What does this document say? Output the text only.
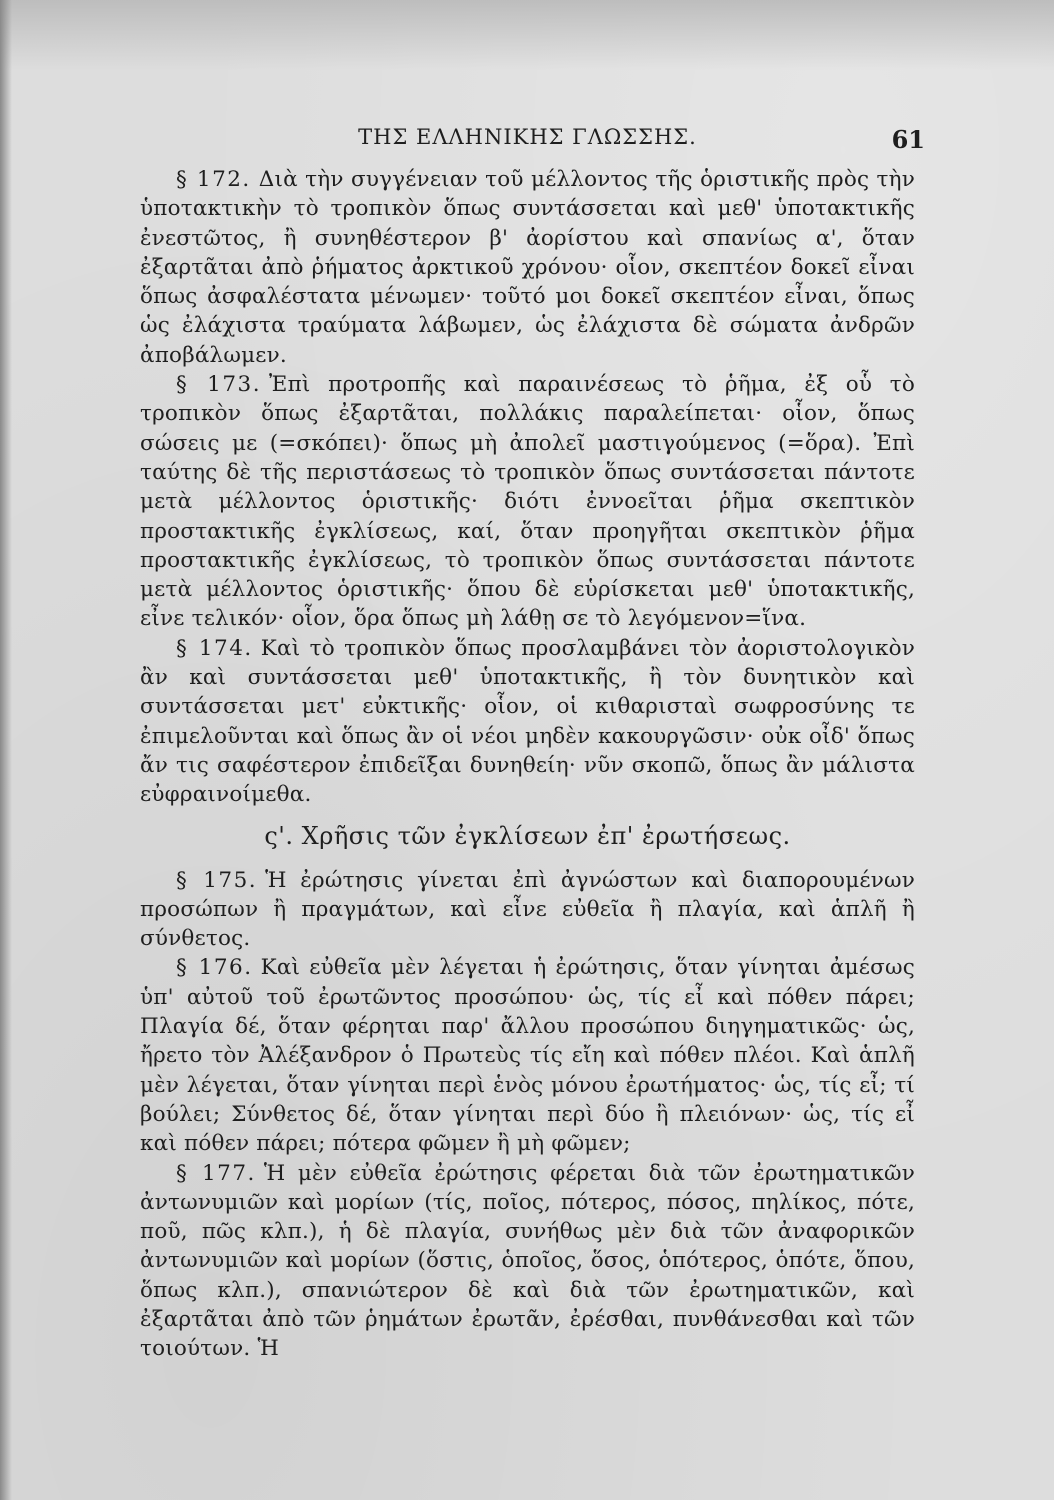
ΤΗΣ ΕΛΛΗΝΙΚΗΣ ΓΛΩΣΣΗΣ.	61

§ 172. Διὰ τὴν συγγένειαν τοῦ μέλλοντος τῆς ὁριστικῆς πρὸς τὴν ὑποτακτικὴν τὸ τροπικὸν ὅπως συντάσσεται καὶ μεθ' ὑποτακτικῆς ἐνεστῶτος, ἢ συνηθέστερον β' ἀορίστου καὶ σπανίως α', ὅταν ἐξαρτᾶται ἀπὸ ῥήματος ἀρκτικοῦ χρόνου· οἷον, σκεπτέον δοκεῖ εἶναι ὅπως ἀσφαλέστατα μένωμεν· τοῦτό μοι δοκεῖ σκεπτέον εἶναι, ὅπως ὡς ἐλάχιστα τραύματα λάβωμεν, ὡς ἐλάχιστα δὲ σώματα ἀνδρῶν ἀποβάλωμεν.

§ 173. Ἐπὶ προτροπῆς καὶ παραινέσεως τὸ ῥῆμα, ἐξ οὗ τὸ τροπικὸν ὅπως ἐξαρτᾶται, πολλάκις παραλείπεται· οἷον, ὅπως σώσεις με (=σκόπει)· ὅπως μὴ ἀπολεῖ μαστιγούμενος (=ὅρα). Ἐπὶ ταύτης δὲ τῆς περιστάσεως τὸ τροπικὸν ὅπως συντάσσεται πάντοτε μετὰ μέλλοντος ὁριστικῆς· διότι ἐννοεῖται ῥῆμα σκεπτικὸν προστακτικῆς ἐγκλίσεως, καί, ὅταν προηγῆται σκεπτικὸν ῥῆμα προστακτικῆς ἐγκλίσεως, τὸ τροπικὸν ὅπως συντάσσεται πάντοτε μετὰ μέλλοντος ὁριστικῆς· ὅπου δὲ εὑρίσκεται μεθ' ὑποτακτικῆς, εἶνε τελικόν· οἷον, ὅρα ὅπως μὴ λάθῃ σε τὸ λεγόμενον=ἵνα.

§ 174. Καὶ τὸ τροπικὸν ὅπως προσλαμβάνει τὸν ἀοριστολογικὸν ἂν καὶ συντάσσεται μεθ' ὑποτακτικῆς, ἢ τὸν δυνητικὸν καὶ συντάσσεται μετ' εὐκτικῆς· οἷον, οἱ κιθαρισταὶ σωφροσύνης τε ἐπιμελοῦνται καὶ ὅπως ἂν οἱ νέοι μηδὲν κακουργῶσιν· οὐκ οἶδ' ὅπως ἄν τις σαφέστερον ἐπιδεῖξαι δυνηθείη· νῦν σκοπῶ, ὅπως ἂν μάλιστα εὐφραινοίμεθα.

ς'. Χρῆσις τῶν ἐγκλίσεων ἐπ' ἐρωτήσεως.

§ 175. Ἡ ἐρώτησις γίνεται ἐπὶ ἀγνώστων καὶ διαπορουμένων προσώπων ἢ πραγμάτων, καὶ εἶνε εὐθεῖα ἢ πλαγία, καὶ ἁπλῆ ἢ σύνθετος.

§ 176. Καὶ εὐθεῖα μὲν λέγεται ἡ ἐρώτησις, ὅταν γίνηται ἀμέσως ὑπ' αὐτοῦ τοῦ ἐρωτῶντος προσώπου· ὡς, τίς εἶ καὶ πόθεν πάρει; Πλαγία δέ, ὅταν φέρηται παρ' ἄλλου προσώπου διηγηματικῶς· ὡς, ἤρετο τὸν Ἀλέξανδρον ὁ Πρωτεὺς τίς εἴη καὶ πόθεν πλέοι. Καὶ ἁπλῆ μὲν λέγεται, ὅταν γίνηται περὶ ἑνὸς μόνου ἐρωτήματος· ὡς, τίς εἶ; τί βούλει; Σύνθετος δέ, ὅταν γίνηται περὶ δύο ἢ πλειόνων· ὡς, τίς εἶ καὶ πόθεν πάρει; πότερα φῶμεν ἢ μὴ φῶμεν;

§ 177. Ἡ μὲν εὐθεῖα ἐρώτησις φέρεται διὰ τῶν ἐρωτηματικῶν ἀντωνυμιῶν καὶ μορίων (τίς, ποῖος, πότερος, πόσος, πηλίκος, πότε, ποῦ, πῶς κλπ.), ἡ δὲ πλαγία, συνήθως μὲν διὰ τῶν ἀναφορικῶν ἀντωνυμιῶν καὶ μορίων (ὅστις, ὁποῖος, ὅσος, ὁπότερος, ὁπότε, ὅπου, ὅπως κλπ.), σπανιώτερον δὲ καὶ διὰ τῶν ἐρωτηματικῶν, καὶ ἐξαρτᾶται ἀπὸ τῶν ῥημάτων ἐρωτᾶν, ἐρέσθαι, πυνθάνεσθαι καὶ τῶν τοιούτων. Ἡ
